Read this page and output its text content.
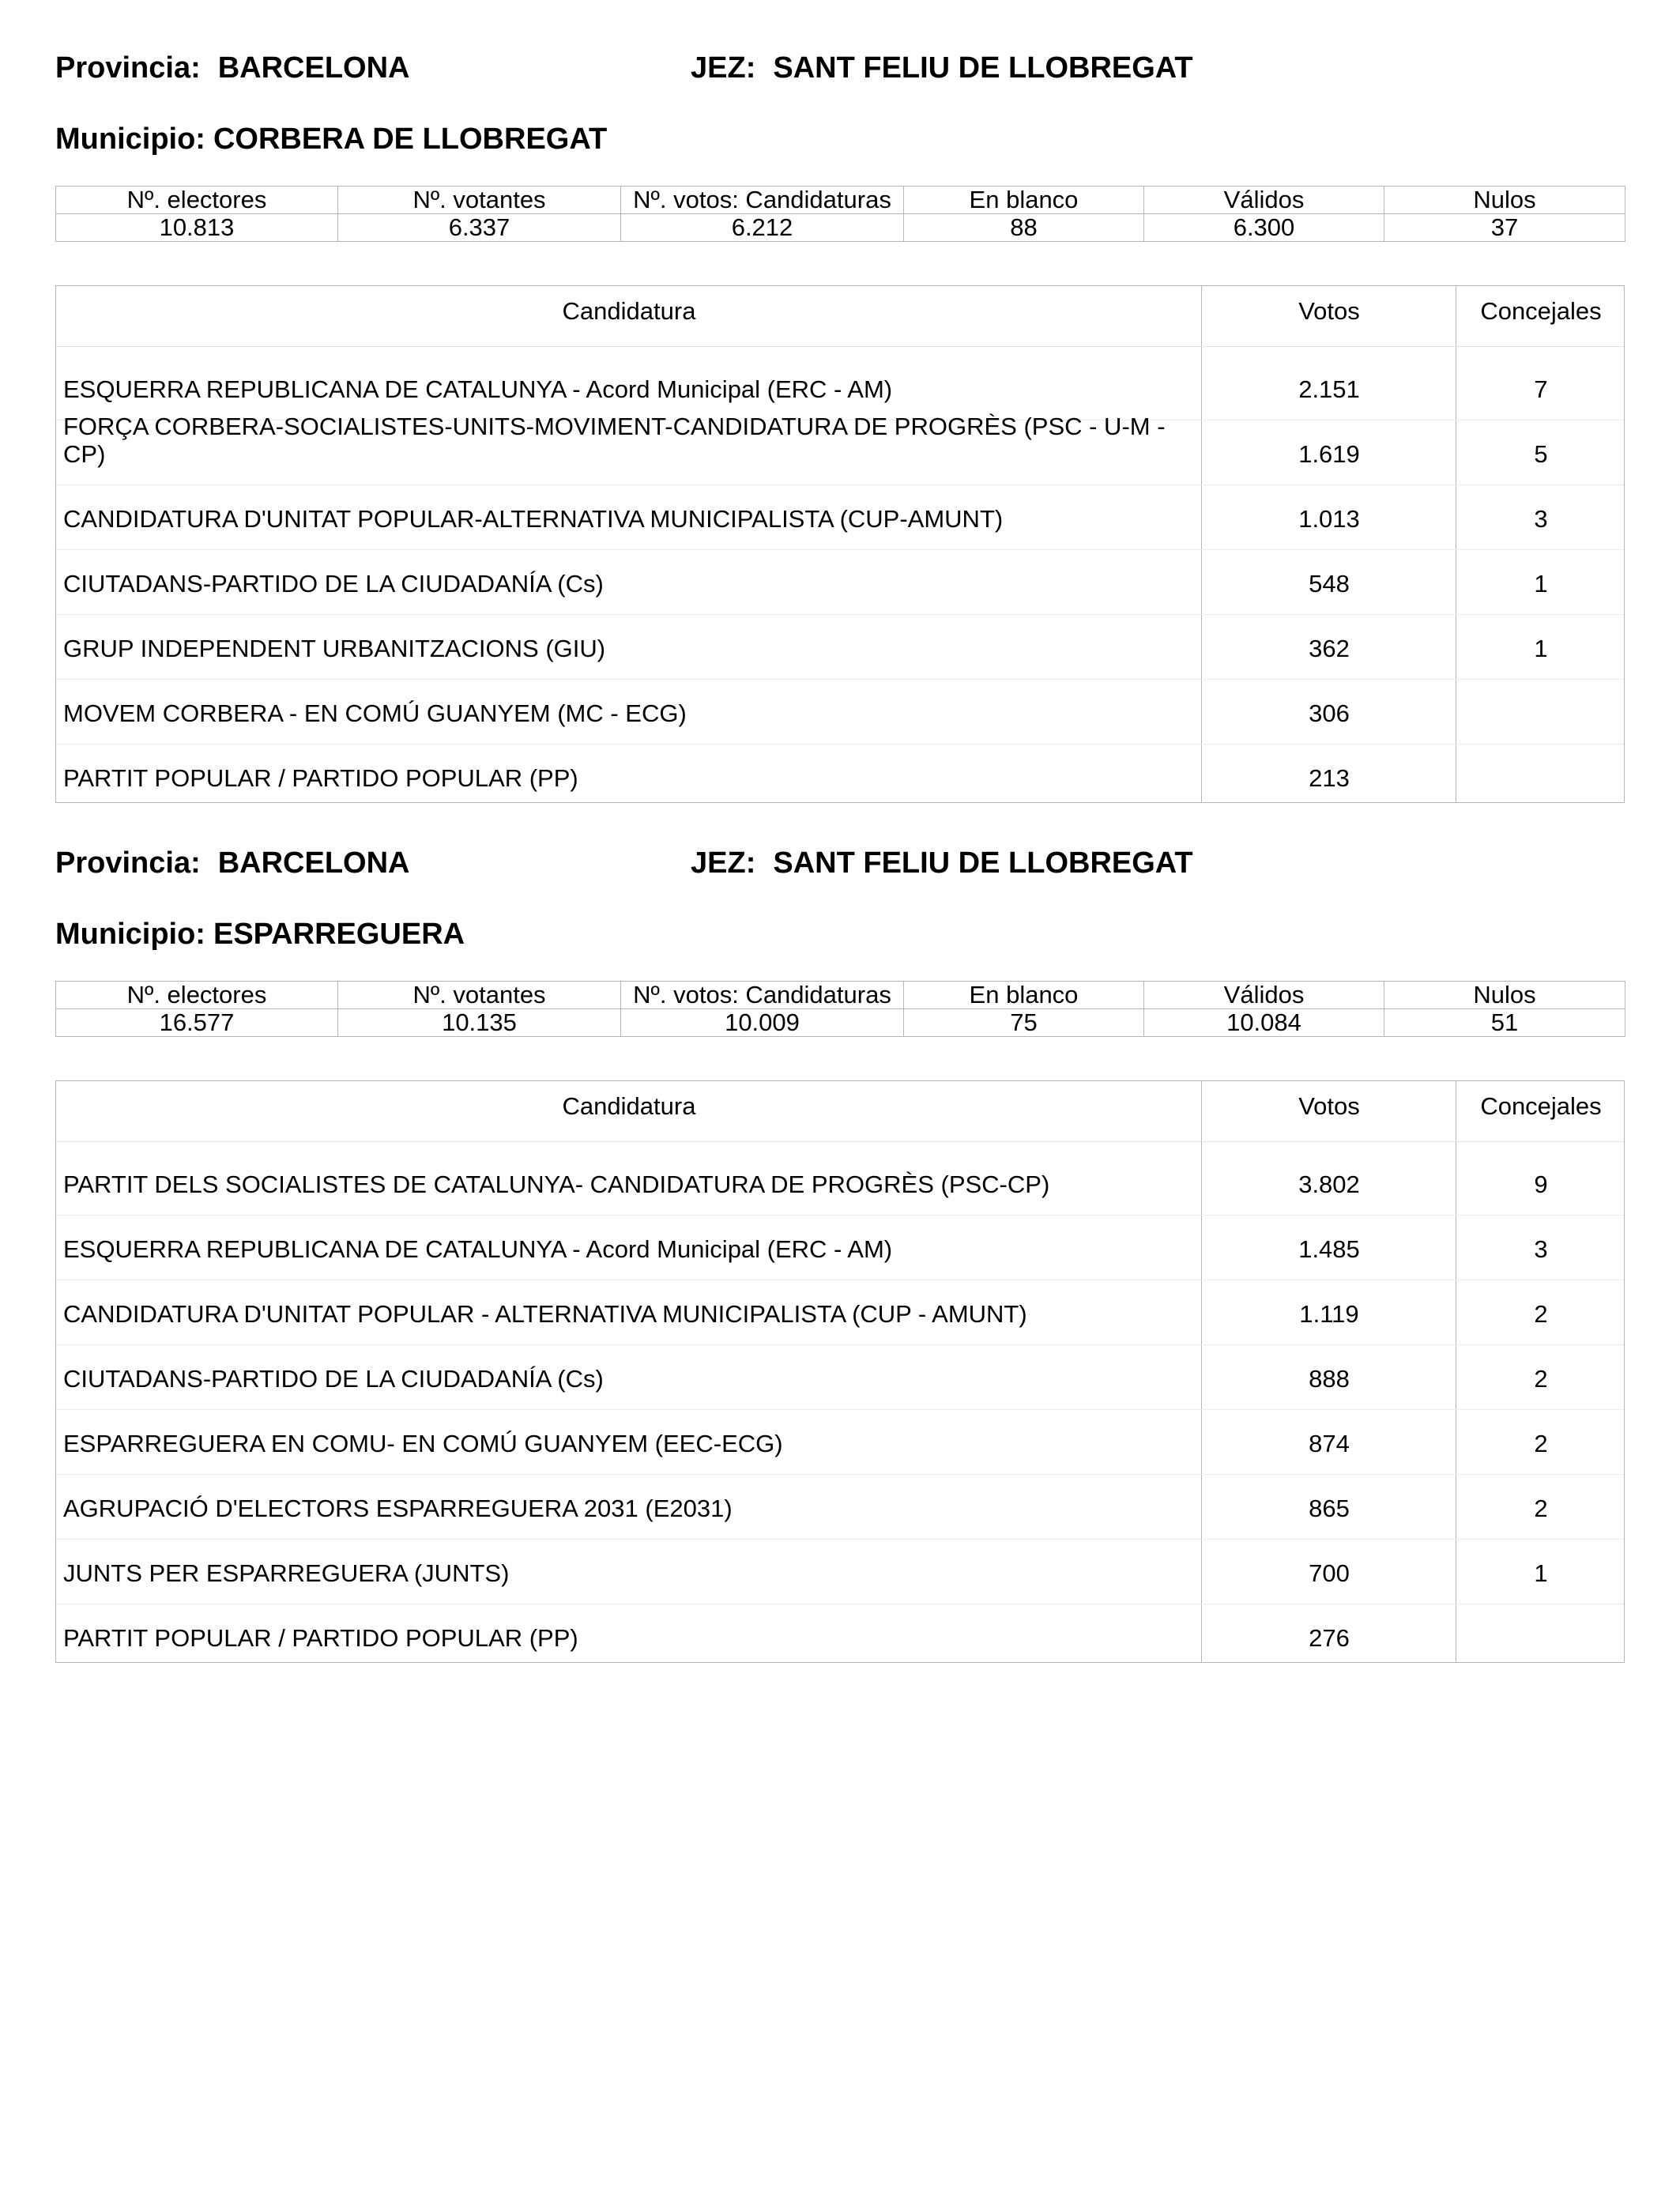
Provincia: BARCELONA	JEZ: SANT FELIU DE LLOBREGAT
Municipio: CORBERA DE LLOBREGAT
Nº. electores	Nº. votantes	Nº. votos: Candidaturas	En blanco	Válidos	Nulos
10.813	6.337	6.212	88	6.300	37
Candidatura	Votos	Concejales
ESQUERRA REPUBLICANA DE CATALUNYA - Acord Municipal (ERC - AM)	2.151	7
FORÇA CORBERA-SOCIALISTES-UNITS-MOVIMENT-CANDIDATURA DE PROGRÈS (PSC - U-M - CP)	1.619	5
CANDIDATURA D'UNITAT POPULAR-ALTERNATIVA MUNICIPALISTA (CUP-AMUNT)	1.013	3
CIUTADANS-PARTIDO DE LA CIUDADANÍA (Cs)	548	1
GRUP INDEPENDENT URBANITZACIONS (GIU)	362	1
MOVEM CORBERA - EN COMÚ GUANYEM (MC - ECG)	306
PARTIT POPULAR / PARTIDO POPULAR (PP)	213
Provincia: BARCELONA	JEZ: SANT FELIU DE LLOBREGAT
Municipio: ESPARREGUERA
Nº. electores	Nº. votantes	Nº. votos: Candidaturas	En blanco	Válidos	Nulos
16.577	10.135	10.009	75	10.084	51
Candidatura	Votos	Concejales
PARTIT DELS SOCIALISTES DE CATALUNYA- CANDIDATURA DE PROGRÈS (PSC-CP)	3.802	9
ESQUERRA REPUBLICANA DE CATALUNYA - Acord Municipal (ERC - AM)	1.485	3
CANDIDATURA D'UNITAT POPULAR - ALTERNATIVA MUNICIPALISTA (CUP - AMUNT)	1.119	2
CIUTADANS-PARTIDO DE LA CIUDADANÍA (Cs)	888	2
ESPARREGUERA EN COMU- EN COMÚ GUANYEM (EEC-ECG)	874	2
AGRUPACIÓ D'ELECTORS ESPARREGUERA 2031 (E2031)	865	2
JUNTS PER ESPARREGUERA (JUNTS)	700	1
PARTIT POPULAR / PARTIDO POPULAR (PP)	276
